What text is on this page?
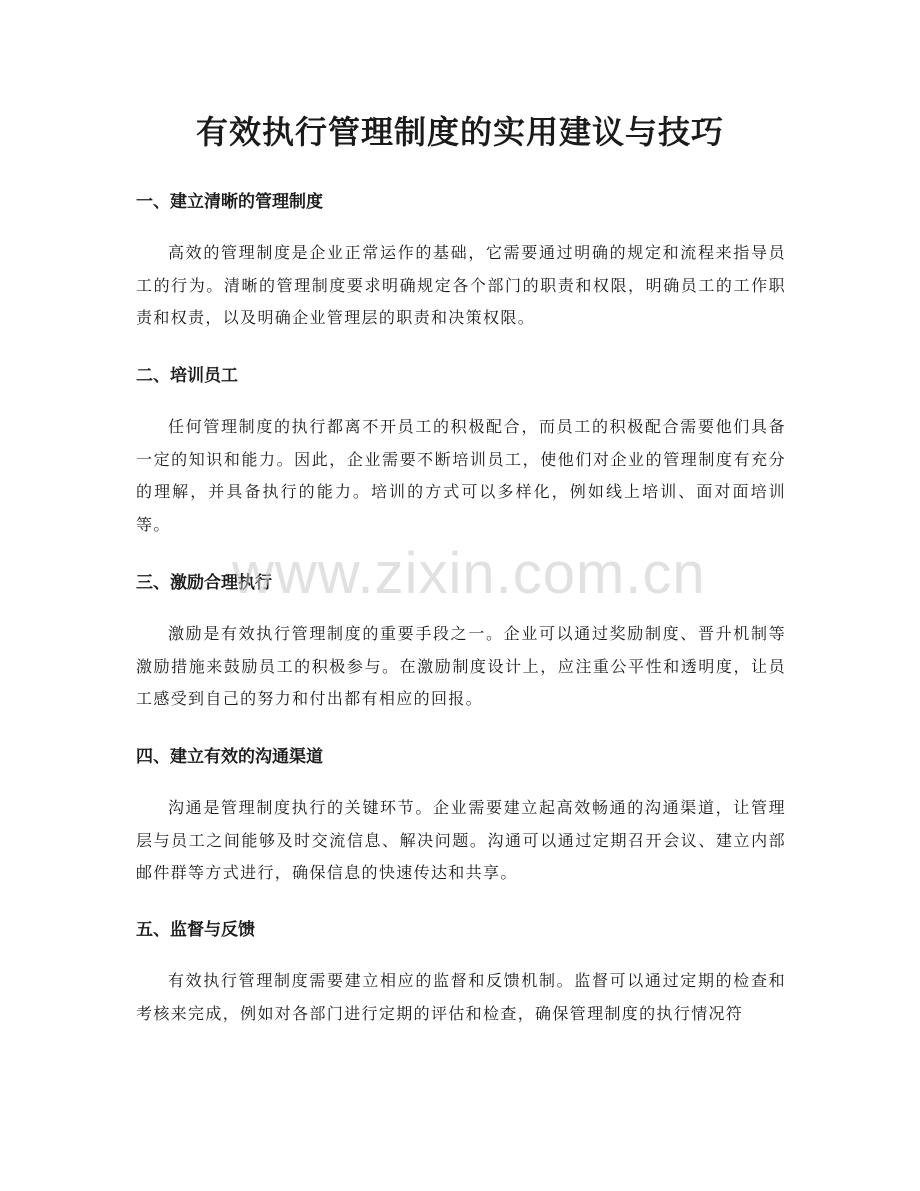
有效执行管理制度的实用建议与技巧
一、建立清晰的管理制度

高效的管理制度是企业正常运作的基础，它需要通过明确的规定和流程来指导员工的行为。清晰的管理制度要求明确规定各个部门的职责和权限，明确员工的工作职责和权责，以及明确企业管理层的职责和决策权限。

二、培训员工

任何管理制度的执行都离不开员工的积极配合，而员工的积极配合需要他们具备一定的知识和能力。因此，企业需要不断培训员工，使他们对企业的管理制度有充分的理解，并具备执行的能力。培训的方式可以多样化，例如线上培训、面对面培训等。

三、激励合理执行

激励是有效执行管理制度的重要手段之一。企业可以通过奖励制度、晋升机制等激励措施来鼓励员工的积极参与。在激励制度设计上，应注重公平性和透明度，让员工感受到自己的努力和付出都有相应的回报。

四、建立有效的沟通渠道

沟通是管理制度执行的关键环节。企业需要建立起高效畅通的沟通渠道，让管理层与员工之间能够及时交流信息、解决问题。沟通可以通过定期召开会议、建立内部邮件群等方式进行，确保信息的快速传达和共享。

五、监督与反馈

有效执行管理制度需要建立相应的监督和反馈机制。监督可以通过定期的检查和考核来完成，例如对各部门进行定期的评估和检查，确保管理制度的执行情况符

www.zixin.com.cn
